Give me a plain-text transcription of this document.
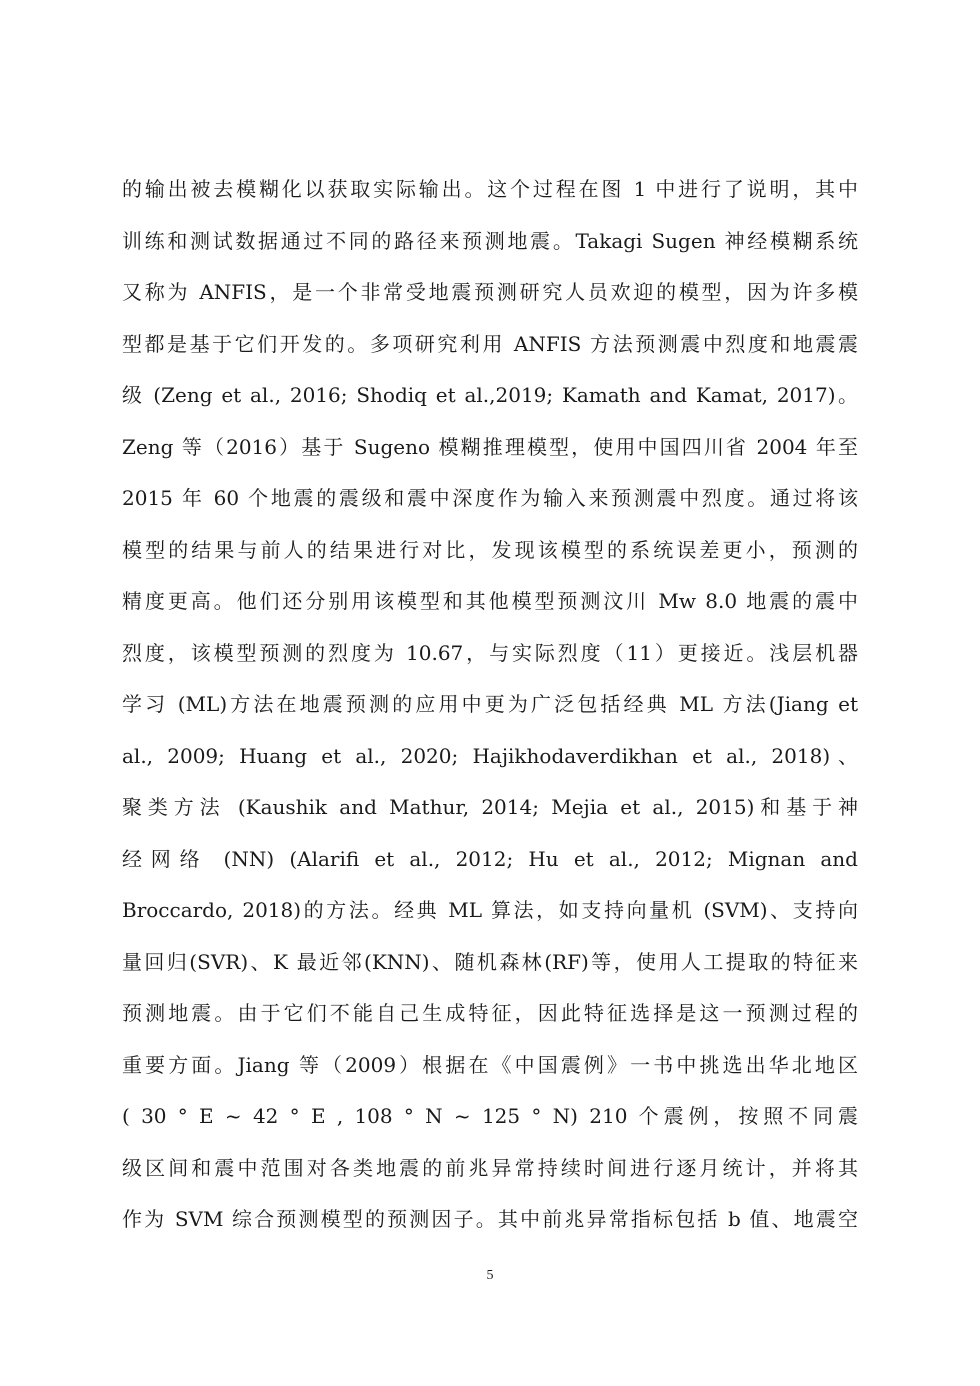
的输出被去模糊化以获取实际输出。这个过程在图 1 中进行了说明，其中
训练和测试数据通过不同的路径来预测地震。Takagi Sugen 神经模糊系统
又称为 ANFIS，是一个非常受地震预测研究人员欢迎的模型，因为许多模
型都是基于它们开发的。多项研究利用 ANFIS 方法预测震中烈度和地震震
级 (Zeng et al., 2016; Shodiq et al.,2019; Kamath and Kamat, 2017)。
Zeng 等（2016）基于 Sugeno 模糊推理模型，使用中国四川省 2004 年至
2015 年 60 个地震的震级和震中深度作为输入来预测震中烈度。通过将该
模型的结果与前人的结果进行对比，发现该模型的系统误差更小，预测的
精度更高。他们还分别用该模型和其他模型预测汶川 Mw 8.0 地震的震中
烈度，该模型预测的烈度为 10.67，与实际烈度（11）更接近。浅层机器
学习 (ML)方法在地震预测的应用中更为广泛包括经典 ML 方法(Jiang et
al., 2009; Huang et al., 2020; Hajikhodaverdikhan et al., 2018)、
聚类方法 (Kaushik and Mathur, 2014; Mejia et al., 2015)和基于神
经网络 (NN) (Alarifi et al., 2012; Hu et al., 2012; Mignan and
Broccardo, 2018)的方法。经典 ML 算法，如支持向量机 (SVM)、支持向
量回归(SVR)、K 最近邻(KNN)、随机森林(RF)等，使用人工提取的特征来
预测地震。由于它们不能自己生成特征，因此特征选择是这一预测过程的
重要方面。Jiang 等（2009）根据在《中国震例》一书中挑选出华北地区
( 30 ° E ~ 42 ° E , 108 ° N ~ 125 ° N) 210 个震例，按照不同震
级区间和震中范围对各类地震的前兆异常持续时间进行逐月统计，并将其
作为 SVM 综合预测模型的预测因子。其中前兆异常指标包括 b 值、地震空
5
